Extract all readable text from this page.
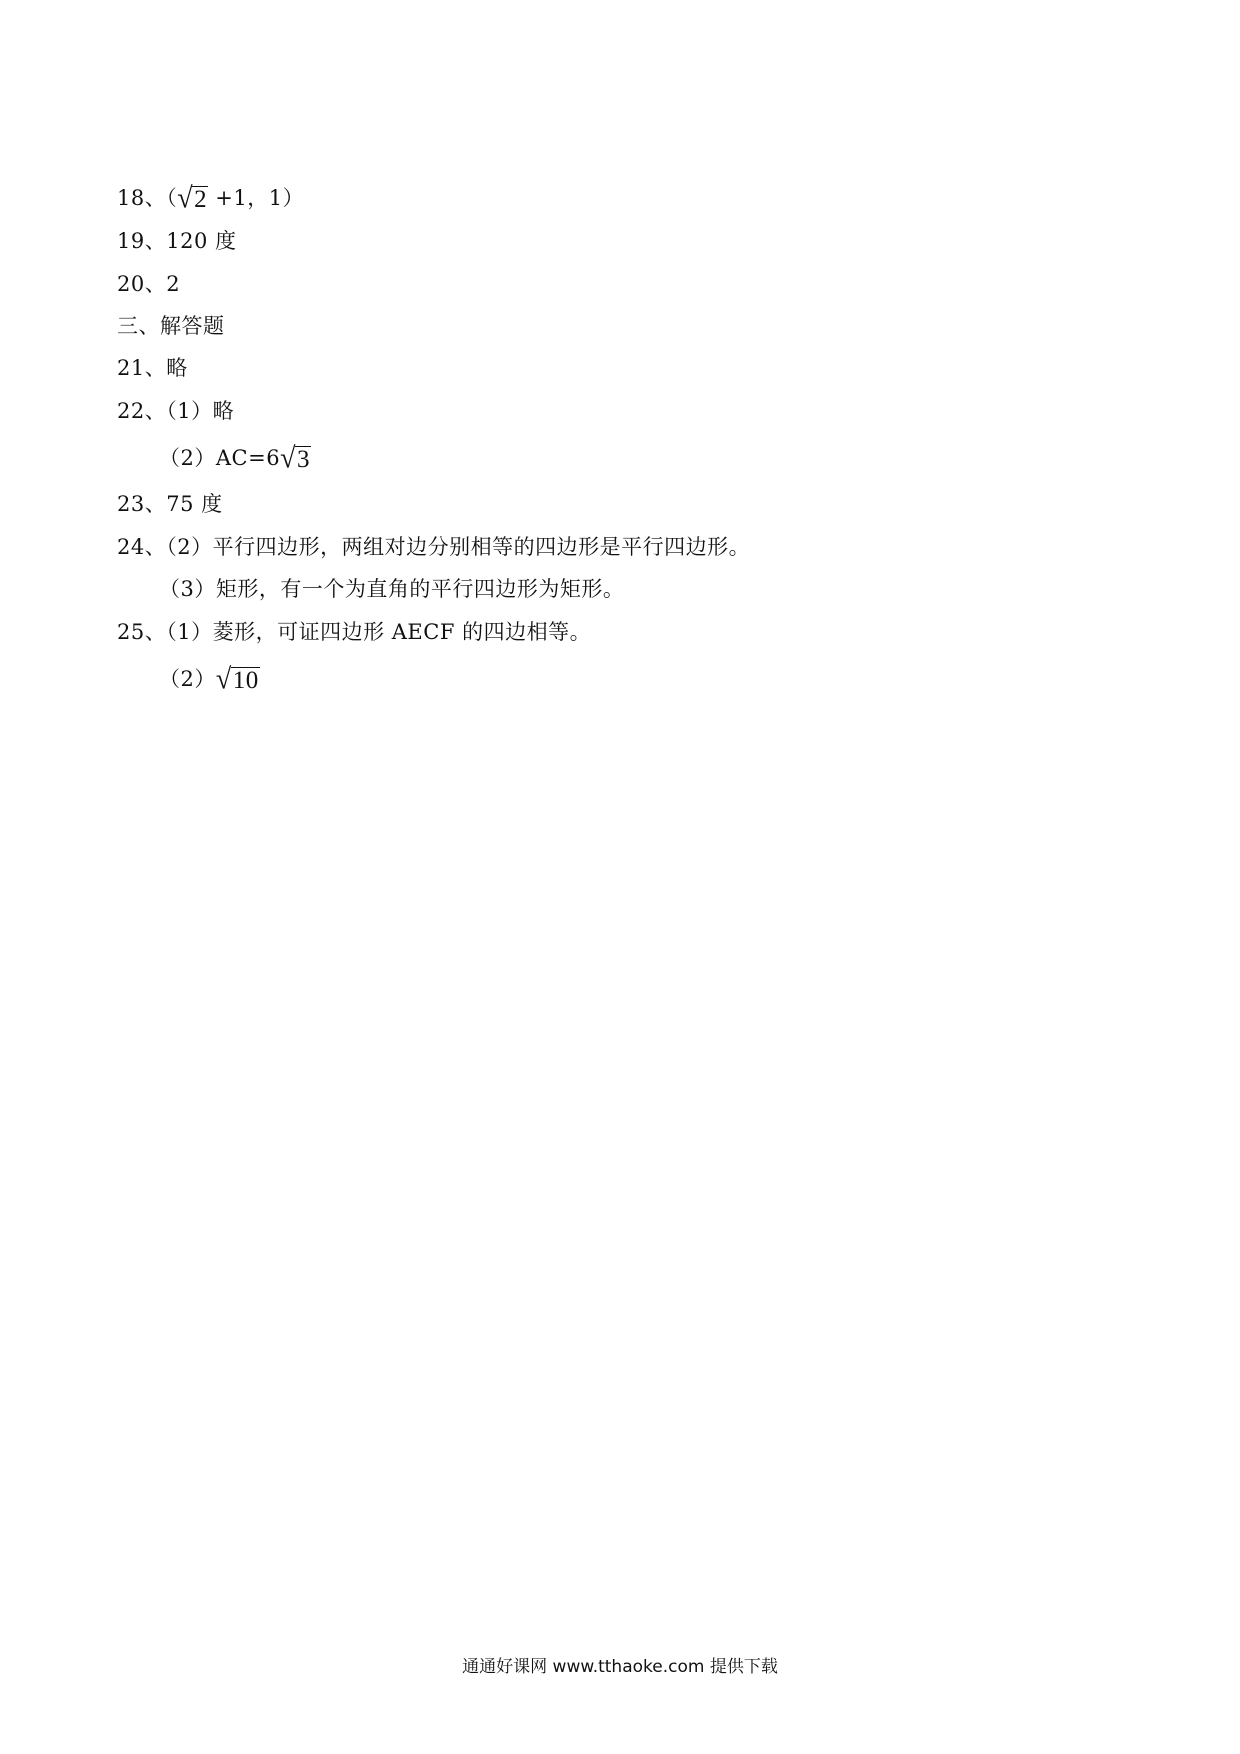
18、（√2 +1，1）
19、120 度
20、2
三、解答题
21、略
22、（1）略
（2）AC=6√3
23、75 度
24、（2）平行四边形，两组对边分别相等的四边形是平行四边形。
（3）矩形，有一个为直角的平行四边形为矩形。
25、（1）菱形，可证四边形 AECF 的四边相等。
（2）√10
通通好课网 www.tthaoke.com 提供下载
